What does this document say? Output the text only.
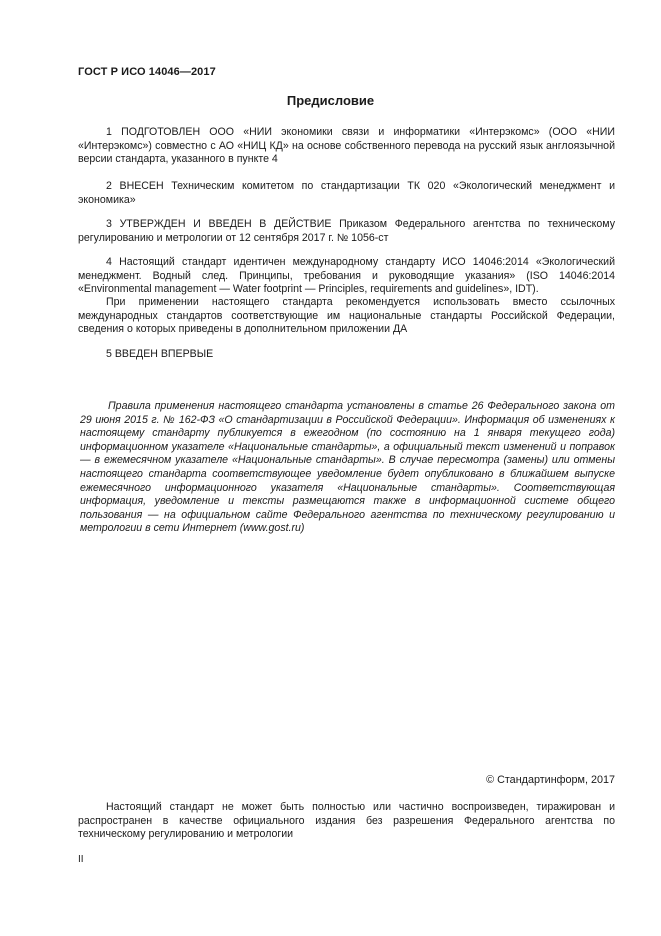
ГОСТ Р ИСО 14046—2017
Предисловие

1 ПОДГОТОВЛЕН ООО «НИИ экономики связи и информатики «Интерэкомс» (ООО «НИИ «Интерэкомс») совместно с АО «НИЦ КД» на основе собственного перевода на русский язык англоязычной версии стандарта, указанного в пункте 4

2 ВНЕСЕН Техническим комитетом по стандартизации ТК 020 «Экологический менеджмент и экономика»

3 УТВЕРЖДЕН И ВВЕДЕН В ДЕЙСТВИЕ Приказом Федерального агентства по техническому регулированию и метрологии от 12 сентября 2017 г. № 1056-ст

4 Настоящий стандарт идентичен международному стандарту ИСО 14046:2014 «Экологический менеджмент. Водный след. Принципы, требования и руководящие указания» (ISO 14046:2014 «Environmental management — Water footprint — Principles, requirements and guidelines», IDT).

При применении настоящего стандарта рекомендуется использовать вместо ссылочных международных стандартов соответствующие им национальные стандарты Российской Федерации, сведения о которых приведены в дополнительном приложении ДА

5 ВВЕДЕН ВПЕРВЫЕ

Правила применения настоящего стандарта установлены в статье 26 Федерального закона от 29 июня 2015 г. № 162-ФЗ «О стандартизации в Российской Федерации». Информация об изменениях к настоящему стандарту публикуется в ежегодном (по состоянию на 1 января текущего года) информационном указателе «Национальные стандарты», а официальный текст изменений и поправок — в ежемесячном указателе «Национальные стандарты». В случае пересмотра (замены) или отмены настоящего стандарта соответствующее уведомление будет опубликовано в ближайшем выпуске ежемесячного информационного указателя «Национальные стандарты». Соответствующая информация, уведомление и тексты размещаются также в информационной системе общего пользования — на официальном сайте Федерального агентства по техническому регулированию и метрологии в сети Интернет (www.gost.ru)

© Стандартинформ, 2017

Настоящий стандарт не может быть полностью или частично воспроизведен, тиражирован и распространен в качестве официального издания без разрешения Федерального агентства по техническому регулированию и метрологии

II
